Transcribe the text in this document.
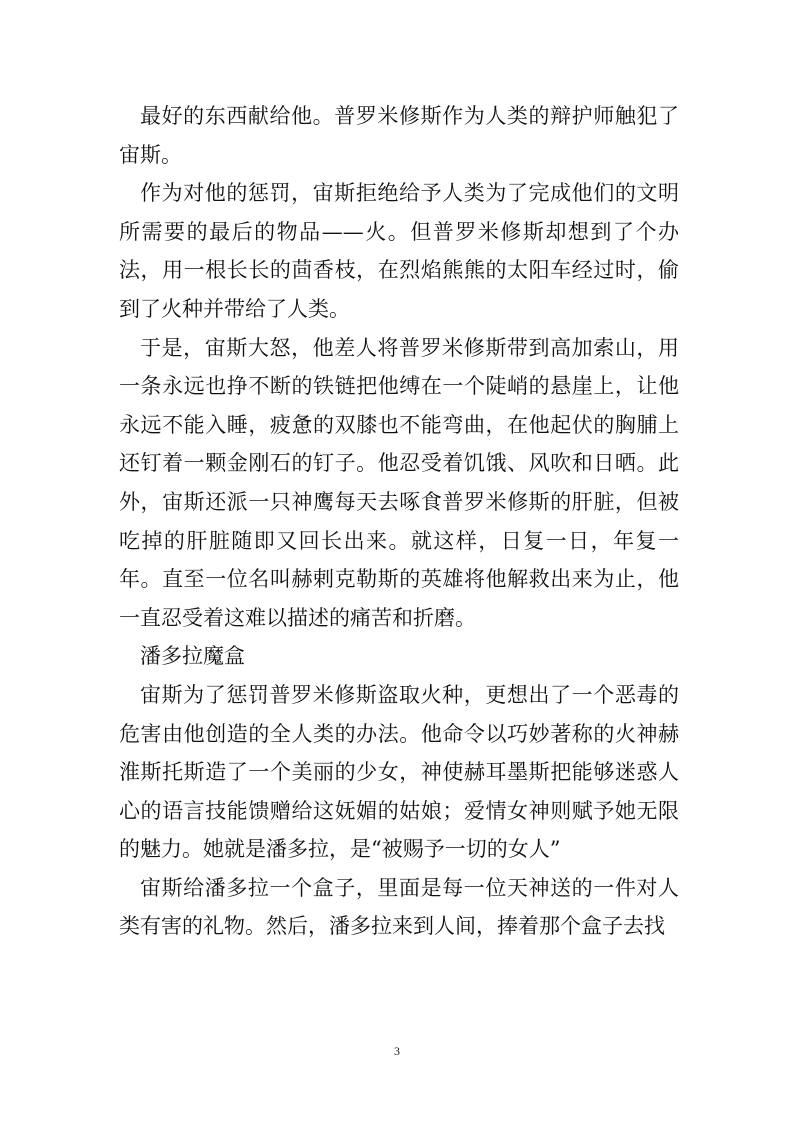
最好的东西献给他。普罗米修斯作为人类的辩护师触犯了宙斯。

作为对他的惩罚，宙斯拒绝给予人类为了完成他们的文明所需要的最后的物品——火。但普罗米修斯却想到了个办法，用一根长长的茴香枝，在烈焰熊熊的太阳车经过时，偷到了火种并带给了人类。

于是，宙斯大怒，他差人将普罗米修斯带到高加索山，用一条永远也挣不断的铁链把他缚在一个陡峭的悬崖上，让他永远不能入睡，疲惫的双膝也不能弯曲，在他起伏的胸脯上还钉着一颗金刚石的钉子。他忍受着饥饿、风吹和日晒。此外，宙斯还派一只神鹰每天去啄食普罗米修斯的肝脏，但被吃掉的肝脏随即又回长出来。就这样，日复一日，年复一年。直至一位名叫赫剌克勒斯的英雄将他解救出来为止，他一直忍受着这难以描述的痛苦和折磨。

潘多拉魔盒

宙斯为了惩罚普罗米修斯盗取火种，更想出了一个恶毒的危害由他创造的全人类的办法。他命令以巧妙著称的火神赫淮斯托斯造了一个美丽的少女，神使赫耳墨斯把能够迷惑人心的语言技能馈赠给这妩媚的姑娘；爱情女神则赋予她无限的魅力。她就是潘多拉，是“被赐予一切的女人”

宙斯给潘多拉一个盒子，里面是每一位天神送的一件对人类有害的礼物。然后，潘多拉来到人间，捧着那个盒子去找

3
